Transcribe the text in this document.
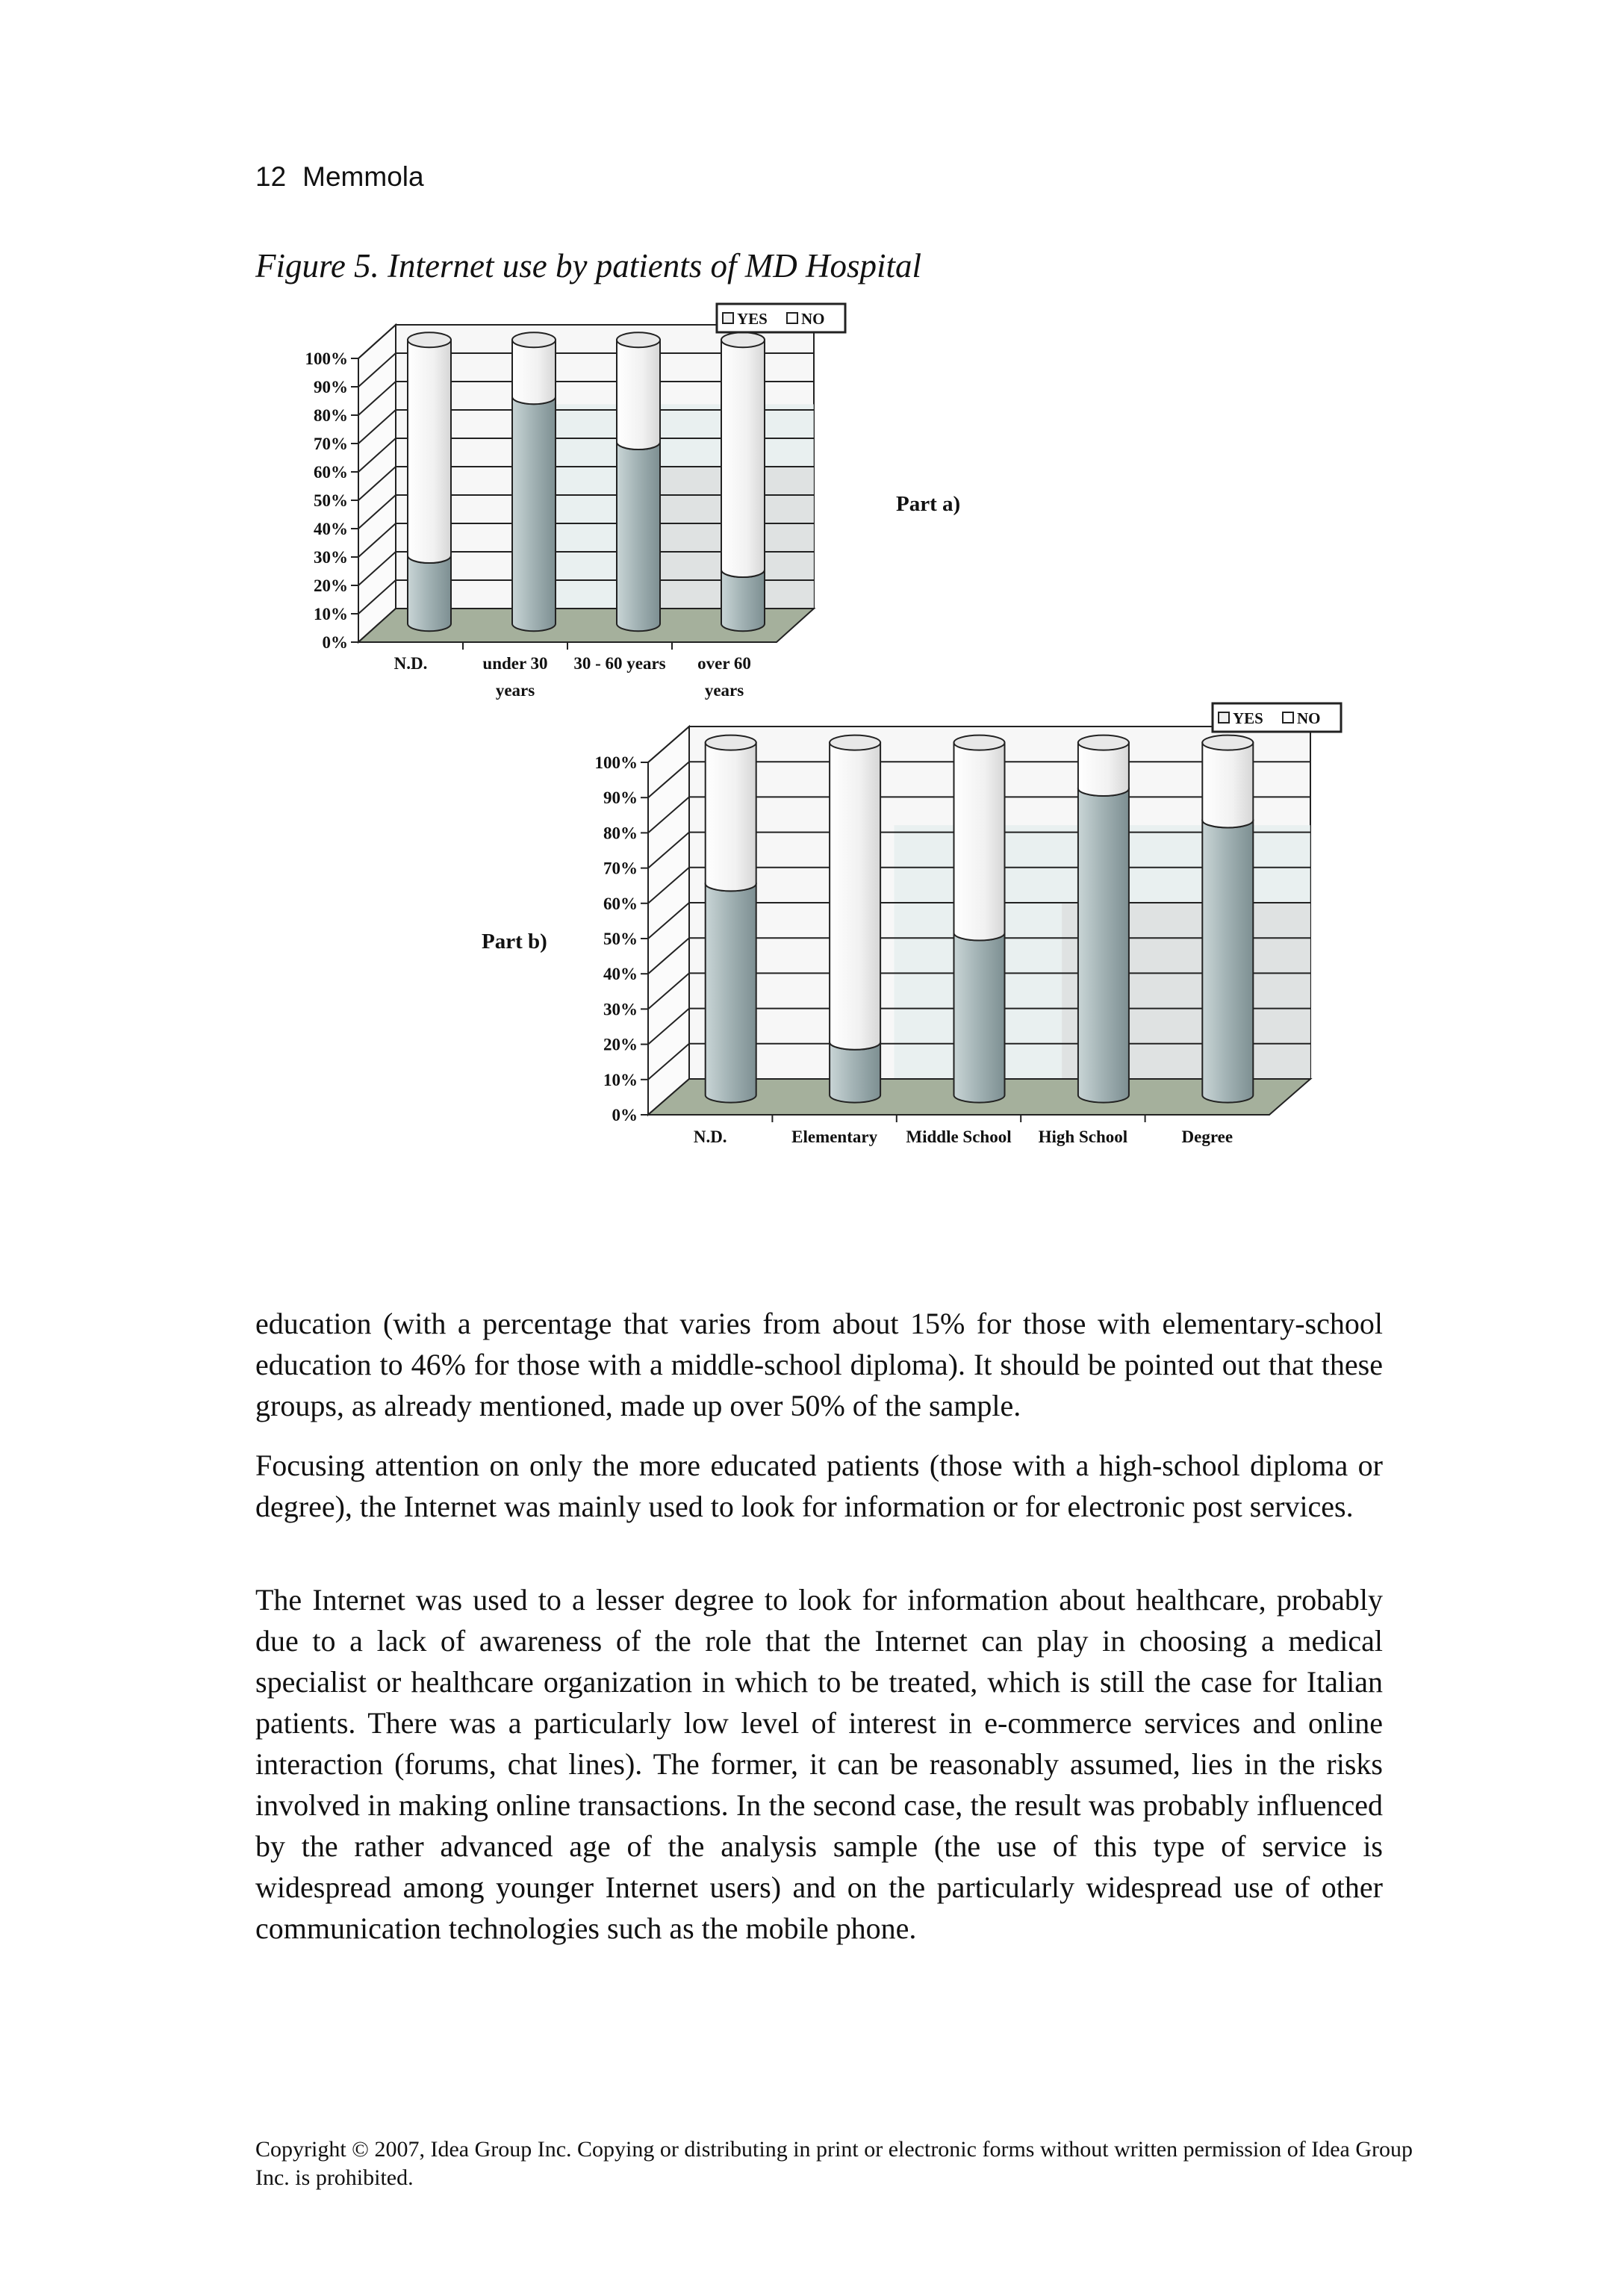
12 Memmola
Figure 5. Internet use by patients of MD Hospital
0%
10%
20%
30%
40%
50%
60%
70%
80%
90%
100%
N.D.	under 30
years
30 - 60 years over 60
years
YES NO
Part a)
0%
10%
20%
30%
40%
50%
60%
70%
80%
90%
100%
N.D.	Elementary Middle School High School	Degree
YES NO
Part b)

education (with a percentage that varies from about 15% for those with elementary-school education to 46% for those with a middle-school diploma). It should be pointed out that these groups, as already mentioned, made up over 50% of the sample.

Focusing attention on only the more educated patients (those with a high-school diploma or degree), the Internet was mainly used to look for information or for electronic post services.

The Internet was used to a lesser degree to look for information about healthcare, probably due to a lack of awareness of the role that the Internet can play in choosing a medical specialist or healthcare organization in which to be treated, which is still the case for Italian patients. There was a particularly low level of interest in e-commerce services and online interaction (forums, chat lines). The former, it can be reasonably assumed, lies in the risks involved in making online transactions. In the second case, the result was probably influenced by the rather advanced age of the analysis sample (the use of this type of service is widespread among younger Internet users) and on the particularly widespread use of other communication technologies such as the mobile phone.

Copyright © 2007, Idea Group Inc. Copying or distributing in print or electronic forms without written permission of Idea Group Inc. is prohibited.
